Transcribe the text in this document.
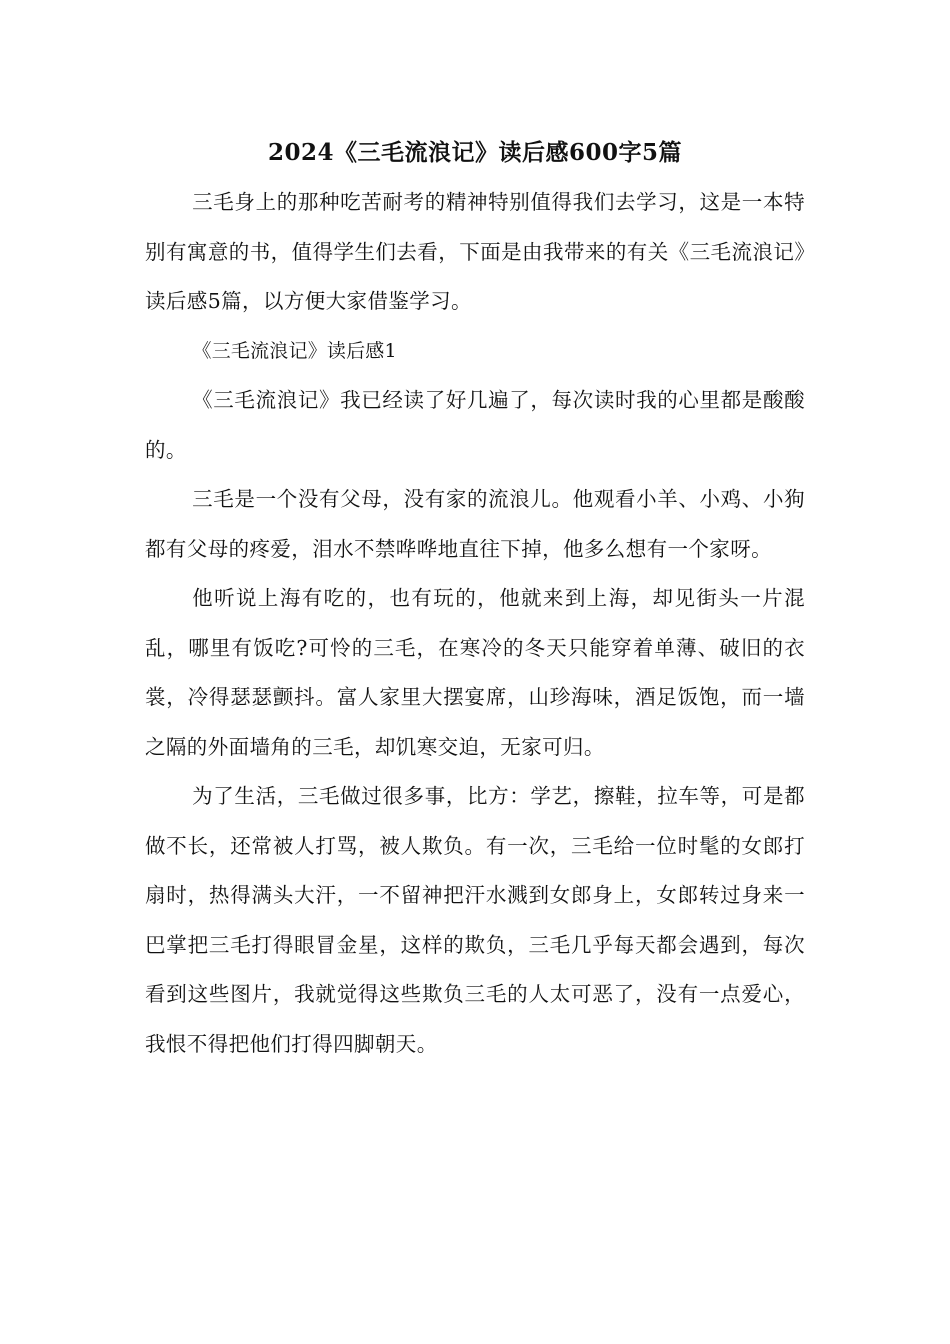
2024《三毛流浪记》读后感600字5篇

三毛身上的那种吃苦耐考的精神特别值得我们去学习，这是一本特别有寓意的书，值得学生们去看，下面是由我带来的有关《三毛流浪记》读后感5篇，以方便大家借鉴学习。

《三毛流浪记》读后感1

《三毛流浪记》我已经读了好几遍了，每次读时我的心里都是酸酸的。

三毛是一个没有父母，没有家的流浪儿。他观看小羊、小鸡、小狗都有父母的疼爱，泪水不禁哗哗地直往下掉，他多么想有一个家呀。

他听说上海有吃的，也有玩的，他就来到上海，却见街头一片混乱，哪里有饭吃?可怜的三毛，在寒冷的冬天只能穿着单薄、破旧的衣裳，冷得瑟瑟颤抖。富人家里大摆宴席，山珍海味，酒足饭饱，而一墙之隔的外面墙角的三毛，却饥寒交迫，无家可归。

为了生活，三毛做过很多事，比方：学艺，擦鞋，拉车等，可是都做不长，还常被人打骂，被人欺负。有一次，三毛给一位时髦的女郎打扇时，热得满头大汗，一不留神把汗水溅到女郎身上，女郎转过身来一巴掌把三毛打得眼冒金星，这样的欺负，三毛几乎每天都会遇到，每次看到这些图片，我就觉得这些欺负三毛的人太可恶了，没有一点爱心，我恨不得把他们打得四脚朝天。
